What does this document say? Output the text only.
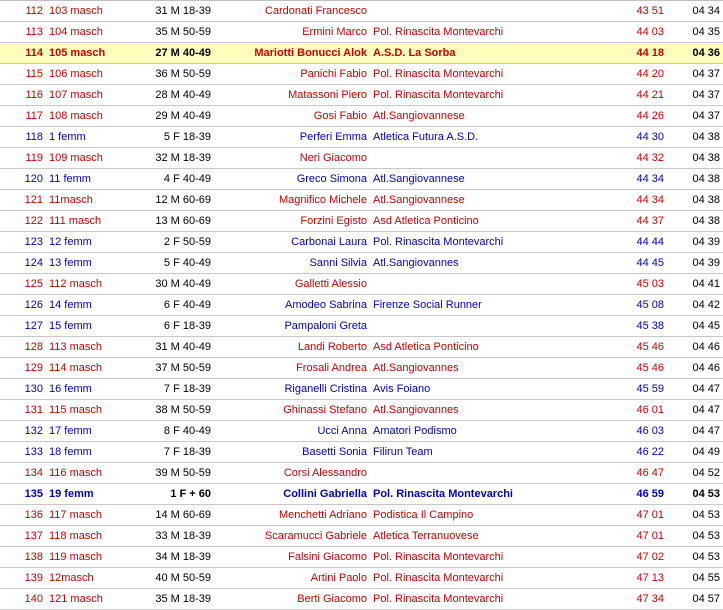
112	103 masch	31 M 18-39	Cardonati Francesco		43 51	04 34
113	104 masch	35 M 50-59	Ermini Marco	Pol. Rinascita Montevarchi	44 03	04 35
114	105 masch	27 M 40-49	Mariotti Bonucci Alok	A.S.D. La Sorba	44 18	04 36
115	106 masch	36 M 50-59	Panichi Fabio	Pol. Rinascita Montevarchi	44 20	04 37
116	107 masch	28 M 40-49	Matassoni Piero	Pol. Rinascita Montevarchi	44 21	04 37
117	108 masch	29 M 40-49	Gosi Fabio	Atl.Sangiovannese	44 26	04 37
118	1 femm	5 F 18-39	Perferi Emma	Atletica Futura A.S.D.	44 30	04 38
119	109 masch	32 M 18-39	Neri Giacomo		44 32	04 38
120	11 femm	4 F 40-49	Greco Simona	Atl.Sangiovannese	44 34	04 38
121	11masch	12 M 60-69	Magnifico Michele	Atl.Sangiovannese	44 34	04 38
122	111 masch	13 M 60-69	Forzini Egisto	Asd Atletica Ponticino	44 37	04 38
123	12 femm	2 F 50-59	Carbonai Laura	Pol. Rinascita Montevarchi	44 44	04 39
124	13 femm	5 F 40-49	Sanni Silvia	Atl.Sangiovannes	44 45	04 39
125	112 masch	30 M 40-49	Galletti Alessio		45 03	04 41
126	14 femm	6 F 40-49	Amodeo Sabrina	Firenze Social Runner	45 08	04 42
127	15 femm	6 F 18-39	Pampaloni Greta		45 38	04 45
128	113 masch	31 M 40-49	Landi Roberto	Asd Atletica Ponticino	45 46	04 46
129	114 masch	37 M 50-59	Frosali Andrea	Atl.Sangiovannes	45 46	04 46
130	16 femm	7 F 18-39	Riganelli Cristina	Avis Foiano	45 59	04 47
131	115 masch	38 M 50-59	Ghinassi Stefano	Atl.Sangiovannes	46 01	04 47
132	17 femm	8 F 40-49	Ucci Anna	Amatori Podismo	46 03	04 47
133	18 femm	7 F 18-39	Basetti Sonia	Filirun Team	46 22	04 49
134	116 masch	39 M 50-59	Corsi Alessandro		46 47	04 52
135	19 femm	1 F + 60	Collini Gabriella	Pol. Rinascita Montevarchi	46 59	04 53
136	117 masch	14 M 60-69	Menchetti Adriano	Podistica Il Campino	47 01	04 53
137	118 masch	33 M 18-39	Scaramucci Gabriele	Atletica Terranuovese	47 01	04 53
138	119 masch	34 M 18-39	Falsini Giacomo	Pol. Rinascita Montevarchi	47 02	04 53
139	12masch	40 M 50-59	Artini Paolo	Pol. Rinascita Montevarchi	47 13	04 55
140	121 masch	35 M 18-39	Berti Giacomo	Pol. Rinascita Montevarchi	47 34	04 57
